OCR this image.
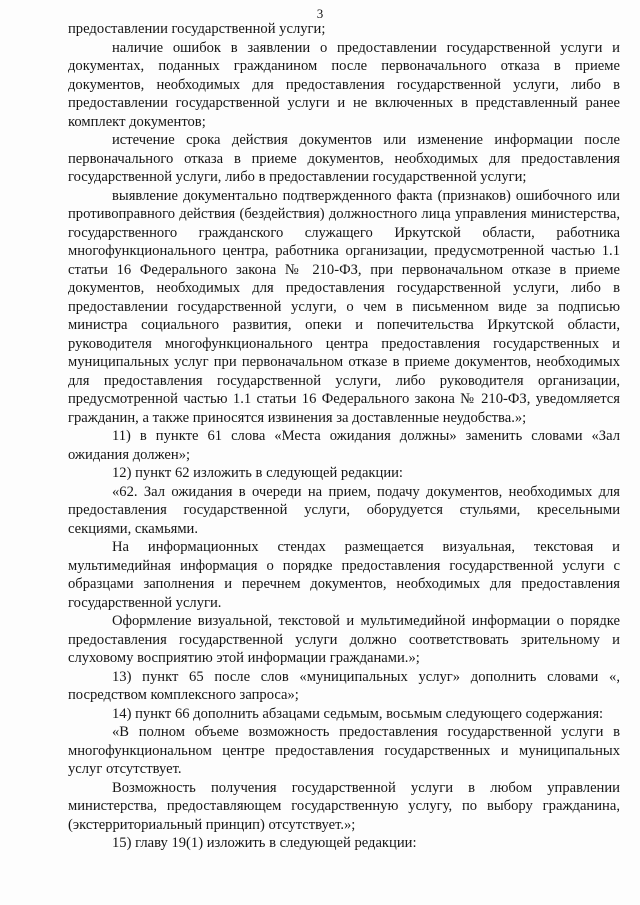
3

предоставлении государственной услуги;

наличие ошибок в заявлении о предоставлении государственной услуги и документах, поданных гражданином после первоначального отказа в приеме документов, необходимых для предоставления государственной услуги, либо в предоставлении государственной услуги и не включенных в представленный ранее комплект документов;

истечение срока действия документов или изменение информации после первоначального отказа в приеме документов, необходимых для предоставления государственной услуги, либо в предоставлении государственной услуги;

выявление документально подтвержденного факта (признаков) ошибочного или противоправного действия (бездействия) должностного лица управления министерства, государственного гражданского служащего Иркутской области, работника многофункционального центра, работника организации, предусмотренной частью 1.1 статьи 16 Федерального закона № 210-ФЗ, при первоначальном отказе в приеме документов, необходимых для предоставления государственной услуги, либо в предоставлении государственной услуги, о чем в письменном виде за подписью министра социального развития, опеки и попечительства Иркутской области, руководителя многофункционального центра предоставления государственных и муниципальных услуг при первоначальном отказе в приеме документов, необходимых для предоставления государственной услуги, либо руководителя организации, предусмотренной частью 1.1 статьи 16 Федерального закона № 210-ФЗ, уведомляется гражданин, а также приносятся извинения за доставленные неудобства.»;

11) в пункте 61 слова «Места ожидания должны» заменить словами «Зал ожидания должен»;

12) пункт 62 изложить в следующей редакции:

«62. Зал ожидания в очереди на прием, подачу документов, необходимых для предоставления государственной услуги, оборудуется стульями, кресельными секциями, скамьями.

На информационных стендах размещается визуальная, текстовая и мультимедийная информация о порядке предоставления государственной услуги с образцами заполнения и перечнем документов, необходимых для предоставления государственной услуги.

Оформление визуальной, текстовой и мультимедийной информации о порядке предоставления государственной услуги должно соответствовать зрительному и слуховому восприятию этой информации гражданами.»;

13) пункт 65 после слов «муниципальных услуг» дополнить словами «, посредством комплексного запроса»;

14) пункт 66 дополнить абзацами седьмым, восьмым следующего содержания:

«В полном объеме возможность предоставления государственной услуги в многофункциональном центре предоставления государственных и муниципальных услуг отсутствует.

Возможность получения государственной услуги в любом управлении министерства, предоставляющем государственную услугу, по выбору гражданина, (экстерриториальный принцип) отсутствует.»;

15) главу 19(1) изложить в следующей редакции:
